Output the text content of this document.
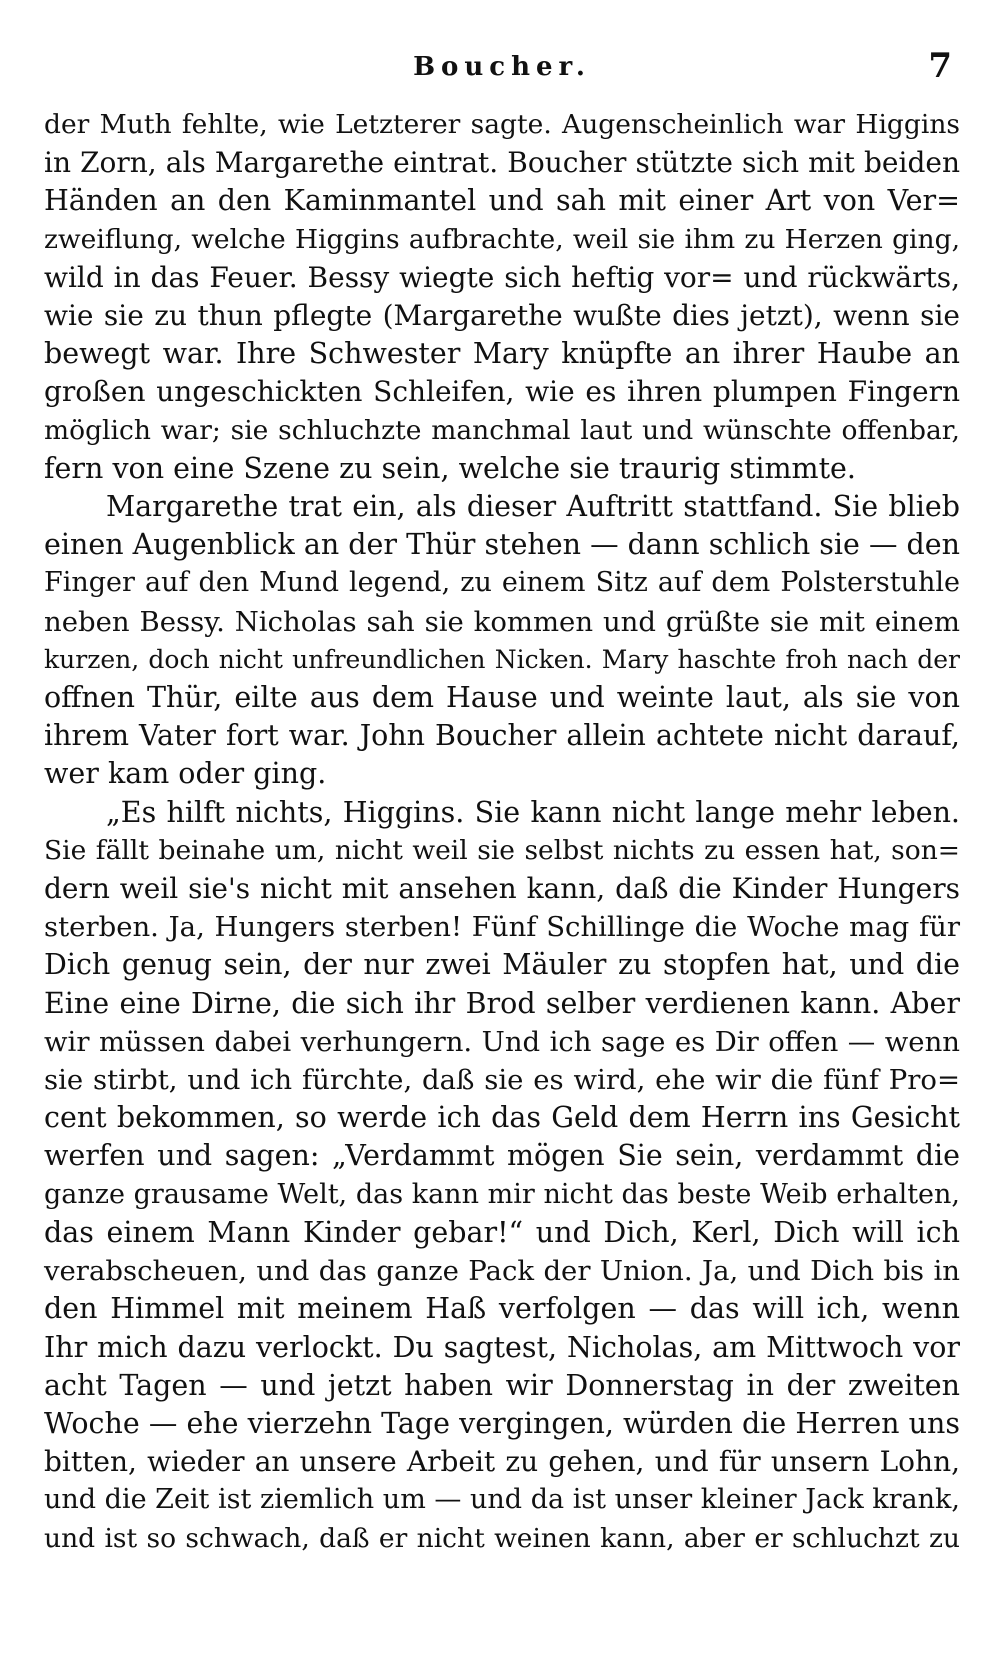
Boucher.	7
der Muth fehlte, wie Letzterer sagte. Augenscheinlich war Higgins
in Zorn, als Margarethe eintrat. Boucher stützte sich mit beiden
Händen an den Kaminmantel und sah mit einer Art von Ver=
zweiflung, welche Higgins aufbrachte, weil sie ihm zu Herzen ging,
wild in das Feuer. Bessy wiegte sich heftig vor= und rückwärts,
wie sie zu thun pflegte (Margarethe wußte dies jetzt), wenn sie
bewegt war. Ihre Schwester Mary knüpfte an ihrer Haube an
großen ungeschickten Schleifen, wie es ihren plumpen Fingern
möglich war; sie schluchzte manchmal laut und wünschte offenbar,
fern von eine Szene zu sein, welche sie traurig stimmte.
Margarethe trat ein, als dieser Auftritt stattfand. Sie blieb
einen Augenblick an der Thür stehen — dann schlich sie — den
Finger auf den Mund legend, zu einem Sitz auf dem Polsterstuhle
neben Bessy. Nicholas sah sie kommen und grüßte sie mit einem
kurzen, doch nicht unfreundlichen Nicken. Mary haschte froh nach der
offnen Thür, eilte aus dem Hause und weinte laut, als sie von
ihrem Vater fort war. John Boucher allein achtete nicht darauf,
wer kam oder ging.
„Es hilft nichts, Higgins. Sie kann nicht lange mehr leben.
Sie fällt beinahe um, nicht weil sie selbst nichts zu essen hat, son=
dern weil sie's nicht mit ansehen kann, daß die Kinder Hungers
sterben. Ja, Hungers sterben! Fünf Schillinge die Woche mag für
Dich genug sein, der nur zwei Mäuler zu stopfen hat, und die
Eine eine Dirne, die sich ihr Brod selber verdienen kann. Aber
wir müssen dabei verhungern. Und ich sage es Dir offen — wenn
sie stirbt, und ich fürchte, daß sie es wird, ehe wir die fünf Pro=
cent bekommen, so werde ich das Geld dem Herrn ins Gesicht
werfen und sagen: „Verdammt mögen Sie sein, verdammt die
ganze grausame Welt, das kann mir nicht das beste Weib erhalten,
das einem Mann Kinder gebar!“ und Dich, Kerl, Dich will ich
verabscheuen, und das ganze Pack der Union. Ja, und Dich bis in
den Himmel mit meinem Haß verfolgen — das will ich, wenn
Ihr mich dazu verlockt. Du sagtest, Nicholas, am Mittwoch vor
acht Tagen — und jetzt haben wir Donnerstag in der zweiten
Woche — ehe vierzehn Tage vergingen, würden die Herren uns
bitten, wieder an unsere Arbeit zu gehen, und für unsern Lohn,
und die Zeit ist ziemlich um — und da ist unser kleiner Jack krank,
und ist so schwach, daß er nicht weinen kann, aber er schluchzt zu
